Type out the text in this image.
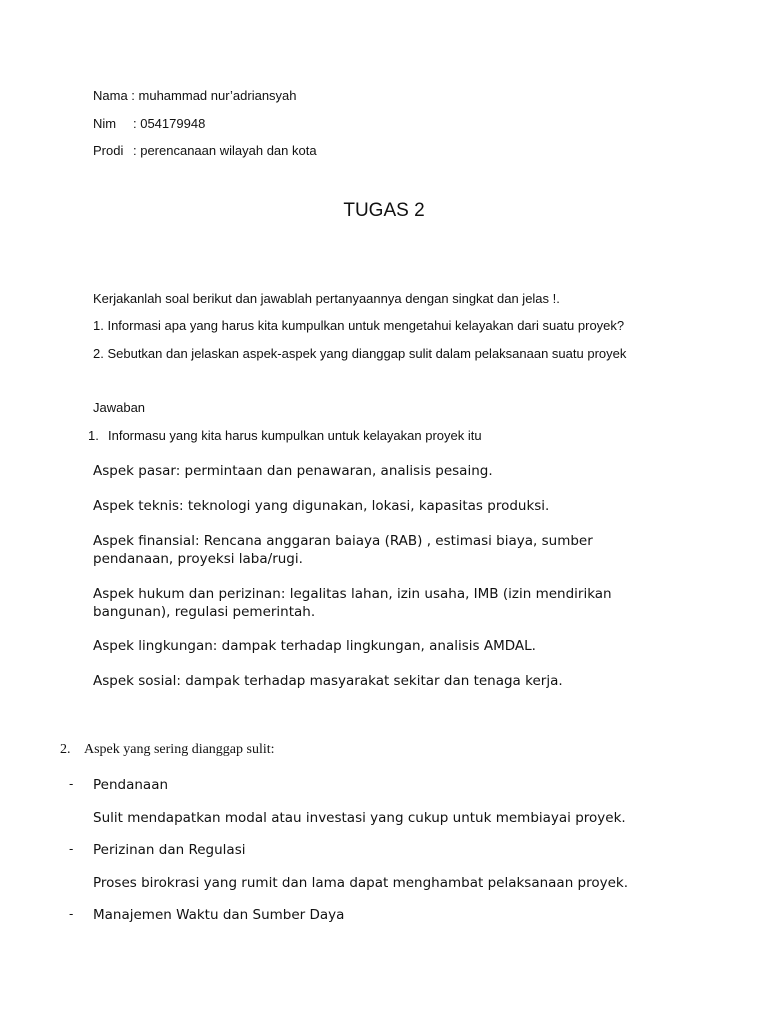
Nama : muhammad nur’adriansyah
Nim : 054179948
Prodi : perencanaan wilayah dan kota
TUGAS 2
Kerjakanlah soal berikut dan jawablah pertanyaannya dengan singkat dan jelas !.
1. Informasi apa yang harus kita kumpulkan untuk mengetahui kelayakan dari suatu proyek?
2. Sebutkan dan jelaskan aspek-aspek yang dianggap sulit dalam pelaksanaan suatu proyek
Jawaban
1. Informasu yang kita harus kumpulkan untuk kelayakan proyek itu
Aspek pasar: permintaan dan penawaran, analisis pesaing.
Aspek teknis: teknologi yang digunakan, lokasi, kapasitas produksi.
Aspek finansial: Rencana anggaran baiaya (RAB) , estimasi biaya, sumber pendanaan, proyeksi laba/rugi.
Aspek hukum dan perizinan: legalitas lahan, izin usaha, IMB (izin mendirikan bangunan), regulasi pemerintah.
Aspek lingkungan: dampak terhadap lingkungan, analisis AMDAL.
Aspek sosial: dampak terhadap masyarakat sekitar dan tenaga kerja.
2. Aspek yang sering dianggap sulit:
- Pendanaan
Sulit mendapatkan modal atau investasi yang cukup untuk membiayai proyek.
- Perizinan dan Regulasi
Proses birokrasi yang rumit dan lama dapat menghambat pelaksanaan proyek.
- Manajemen Waktu dan Sumber Daya
